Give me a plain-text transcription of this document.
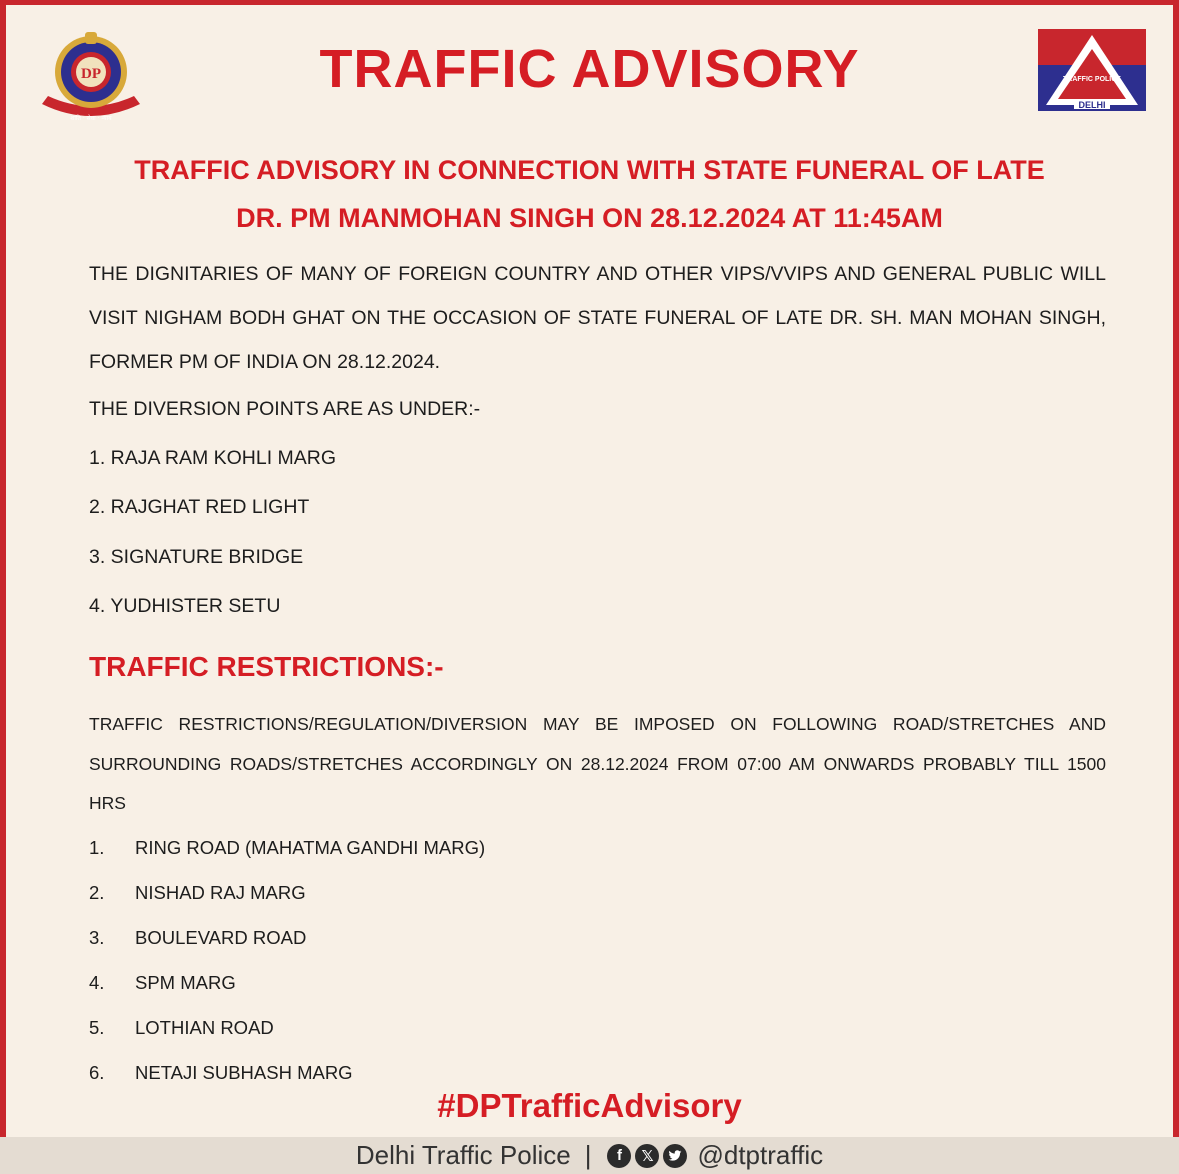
DP
शांति · सेवा · न्याय
TRAFFIC ADVISORY
DELHI
TRAFFIC POLICE
TRAFFIC ADVISORY IN CONNECTION WITH STATE FUNERAL OF LATE
DR. PM MANMOHAN SINGH ON 28.12.2024 AT 11:45AM
THE DIGNITARIES OF MANY OF FOREIGN COUNTRY AND OTHER VIPS/VVIPS AND GENERAL PUBLIC WILL VISIT NIGHAM BODH GHAT ON THE OCCASION OF STATE FUNERAL OF LATE DR. SH. MAN MOHAN SINGH, FORMER PM OF INDIA ON 28.12.2024.
THE DIVERSION POINTS ARE AS UNDER:-
1. RAJA RAM KOHLI MARG
2. RAJGHAT RED LIGHT
3. SIGNATURE BRIDGE
4. YUDHISTER SETU
TRAFFIC RESTRICTIONS:-
TRAFFIC RESTRICTIONS/REGULATION/DIVERSION MAY BE IMPOSED ON FOLLOWING ROAD/STRETCHES AND SURROUNDING ROADS/STRETCHES ACCORDINGLY ON 28.12.2024 FROM 07:00 AM ONWARDS PROBABLY TILL 1500 HRS
1. RING ROAD (MAHATMA GANDHI MARG)
2. NISHAD RAJ MARG
3. BOULEVARD ROAD
4. SPM MARG
5. LOTHIAN ROAD
6. NETAJI SUBHASH MARG
#DPTrafficAdvisory
Delhi Traffic Police |	f	𝕏 @dtptraffic
